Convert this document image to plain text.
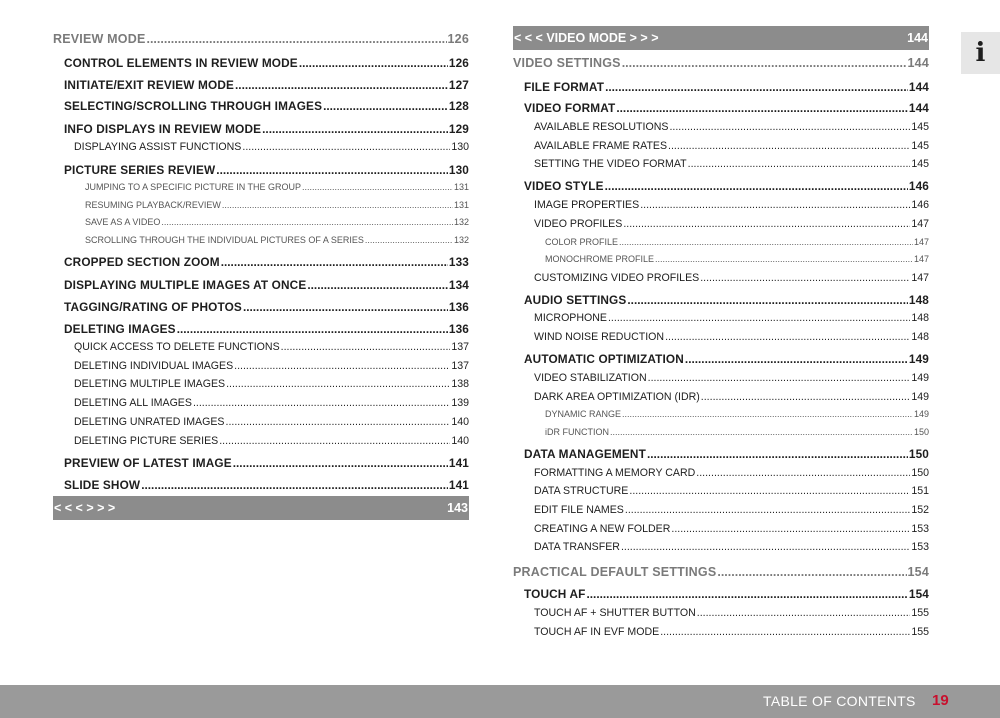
REVIEW MODE .....	126
CONTROL ELEMENTS IN REVIEW MODE .....	126
INITIATE/EXIT REVIEW MODE .....	127
SELECTING/SCROLLING THROUGH IMAGES .....	128
INFO DISPLAYS IN REVIEW MODE .....	129
DISPLAYING ASSIST FUNCTIONS .....	130
PICTURE SERIES REVIEW .....	130
JUMPING TO A SPECIFIC PICTURE IN THE GROUP .....	131
RESUMING PLAYBACK/REVIEW .....	131
SAVE AS A VIDEO .....	132
SCROLLING THROUGH THE INDIVIDUAL PICTURES OF A SERIES .....	132
CROPPED SECTION ZOOM .....	133
DISPLAYING MULTIPLE IMAGES AT ONCE .....	134
TAGGING/RATING OF PHOTOS .....	136
DELETING IMAGES .....	136
QUICK ACCESS TO DELETE FUNCTIONS .....	137
DELETING INDIVIDUAL IMAGES .....	137
DELETING MULTIPLE IMAGES .....	138
DELETING ALL IMAGES .....	139
DELETING UNRATED IMAGES .....	140
DELETING PICTURE SERIES .....	140
PREVIEW OF LATEST IMAGE .....	141
SLIDE SHOW .....	141
< < < > > >	143
< < < VIDEO MODE > > >	144
VIDEO SETTINGS .....	144
FILE FORMAT .....	144
VIDEO FORMAT .....	144
AVAILABLE RESOLUTIONS .....	145
AVAILABLE FRAME RATES .....	145
SETTING THE VIDEO FORMAT .....	145
VIDEO STYLE .....	146
IMAGE PROPERTIES .....	146
VIDEO PROFILES .....	147
COLOR PROFILE .....	147
MONOCHROME PROFILE .....	147
CUSTOMIZING VIDEO PROFILES .....	147
AUDIO SETTINGS .....	148
MICROPHONE .....	148
WIND NOISE REDUCTION .....	148
AUTOMATIC OPTIMIZATION .....	149
VIDEO STABILIZATION .....	149
DARK AREA OPTIMIZATION (IDR) .....	149
DYNAMIC RANGE .....	149
iDR FUNCTION .....	150
DATA MANAGEMENT .....	150
FORMATTING A MEMORY CARD .....	150
DATA STRUCTURE .....	151
EDIT FILE NAMES .....	152
CREATING A NEW FOLDER .....	153
DATA TRANSFER .....	153
PRACTICAL DEFAULT SETTINGS .....	154
TOUCH AF .....	154
TOUCH AF + SHUTTER BUTTON .....	155
TOUCH AF IN EVF MODE .....	155
i
TABLE OF CONTENTS 19
